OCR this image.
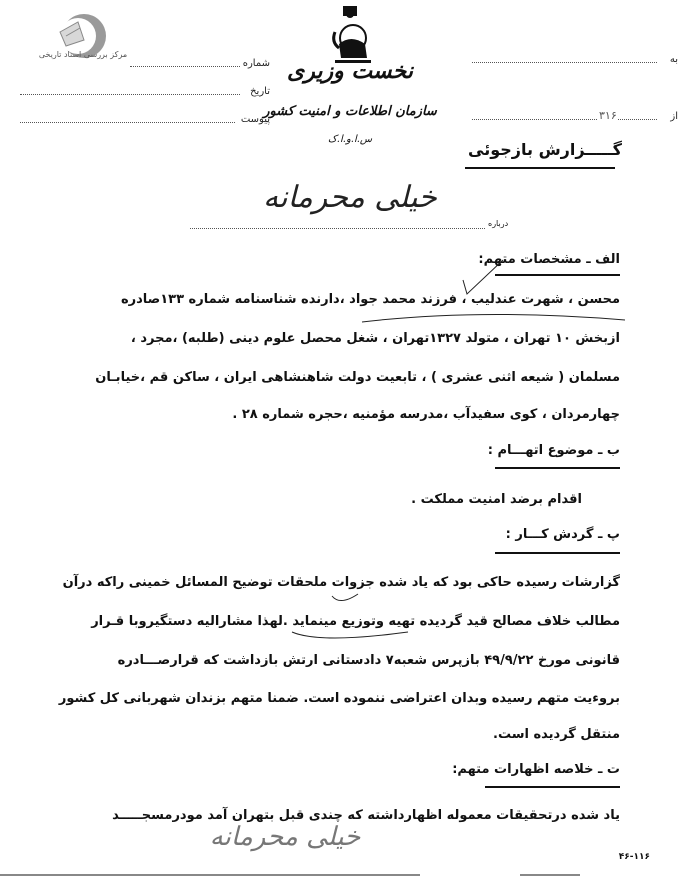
مرکز بررسی اسناد تاریخی
شماره
تاریخ
پیوست
نخست وزیری
سازمان اطلاعات و امنیت کشور
س.ا.و.ا.ک
به
۳۱۶	از
گـــــزارش بازجوئی
خیلی محرمانه
درباره
الف ـ مشخصات متهم:
محسن ، شهرت عندلیب ، فرزند محمد جواد ،دارنده شناسنامه شماره ۱۳۳صادره
ازبخش ۱۰ تهران ، متولد ۱۳۲۷تهران ، شغل محصل علوم دینی (طلبه) ،مجرد ،
مسلمان ( شیعه اثنی عشری ) ، تابعیت دولت شاهنشاهی ایران ، ساکن قم ،خیابـان
چهارمردان ، کوی سفیدآب ،مدرسه مؤمنیه ،حجره شماره ۲۸ .
ب ـ موضوع اتهـــام :
اقدام برضد امنیت مملکت .
پ ـ گردش کـــار :
گزارشات رسیده حاکی بود که یاد شده جزوات ملحقات توضیح المسائل خمینی راکه درآن
مطالب خلاف مصالح قید گردیده تهیه وتوزیع مینماید .لهذا مشارالیه دستگیروبا قـرار
قانونی مورخ ۴۹/۹/۲۲ بازپرس شعبه۷ دادستانی ارتش بازداشت که قرارصـــادره
بروءیت متهم رسیده وبدان اعتراضی ننموده است. ضمنا متهم بزندان شهربانی کل کشور
منتقل گردیده است.
ت ـ خلاصه اظهارات متهم:
یاد شده درتحقیقات معموله اظهارداشته که چندی قبل بتهران آمد مودرمسجـــــد
خیلی محرمانه
۴۶-۱۱۶
